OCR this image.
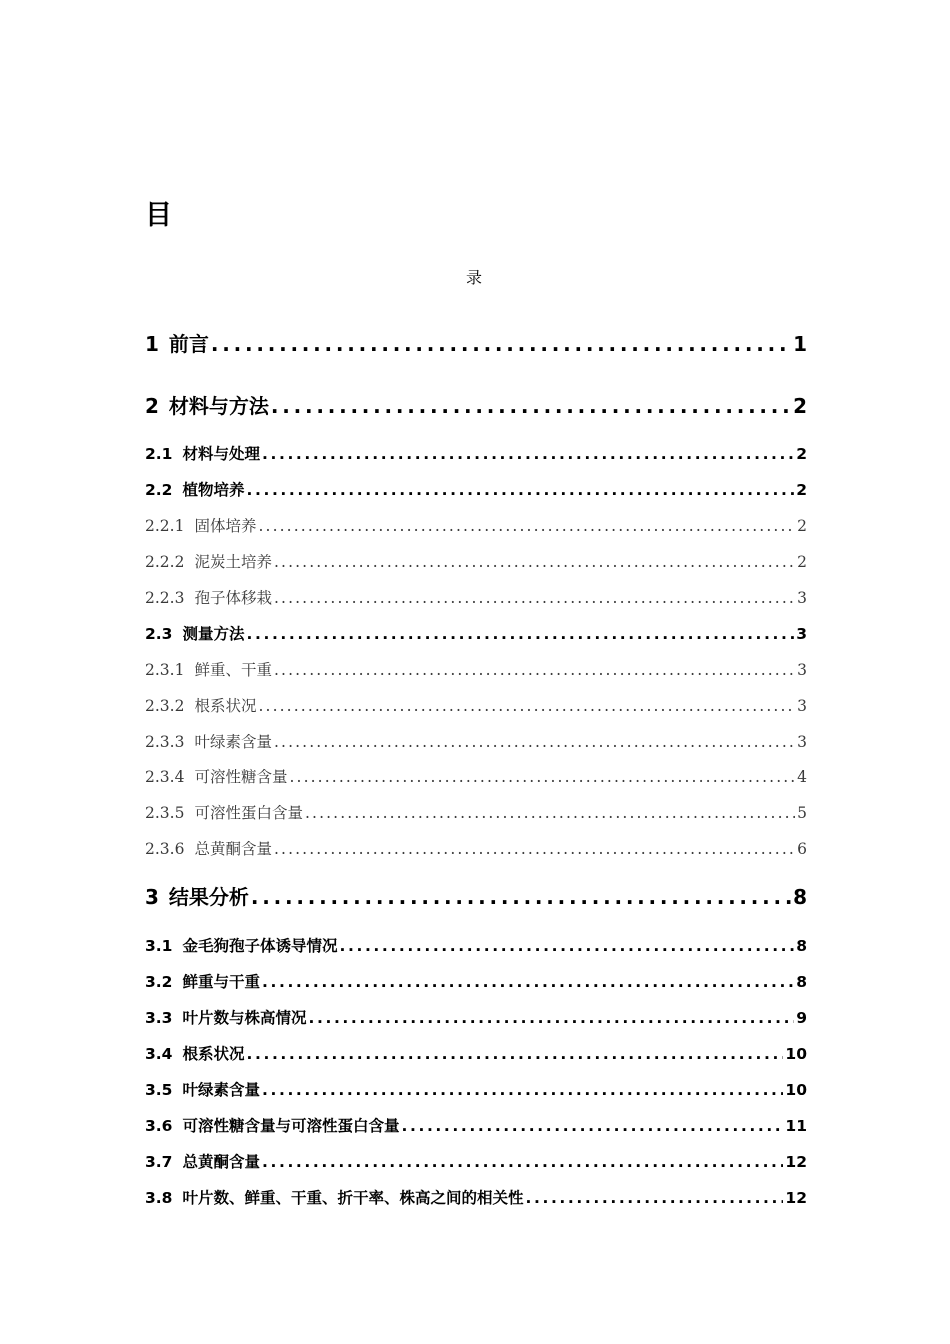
目
录
1 前言 . . .	1
2 材料与方法 . . .	2
2.1 材料与处理 . . .	2
2.2 植物培养 . . .	2
2.2.1 固体培养 . . .	2
2.2.2 泥炭土培养 . . .	2
2.2.3 孢子体移栽 . . .	3
2.3 测量方法 . . .	3
2.3.1 鲜重、干重 . . .	3
2.3.2 根系状况 . . .	3
2.3.3 叶绿素含量 . . .	3
2.3.4 可溶性糖含量 . . .	4
2.3.5 可溶性蛋白含量 . . .	5
2.3.6 总黄酮含量 . . .	6
3 结果分析 . . .	8
3.1 金毛狗孢子体诱导情况 . . .	8
3.2 鲜重与干重 . . .	8
3.3 叶片数与株高情况 . . .	9
3.4 根系状况 . . .	10
3.5 叶绿素含量 . . .	10
3.6 可溶性糖含量与可溶性蛋白含量 . . .	11
3.7 总黄酮含量 . . .	12
3.8 叶片数、鲜重、干重、折干率、株高之间的相关性 . . .	12
